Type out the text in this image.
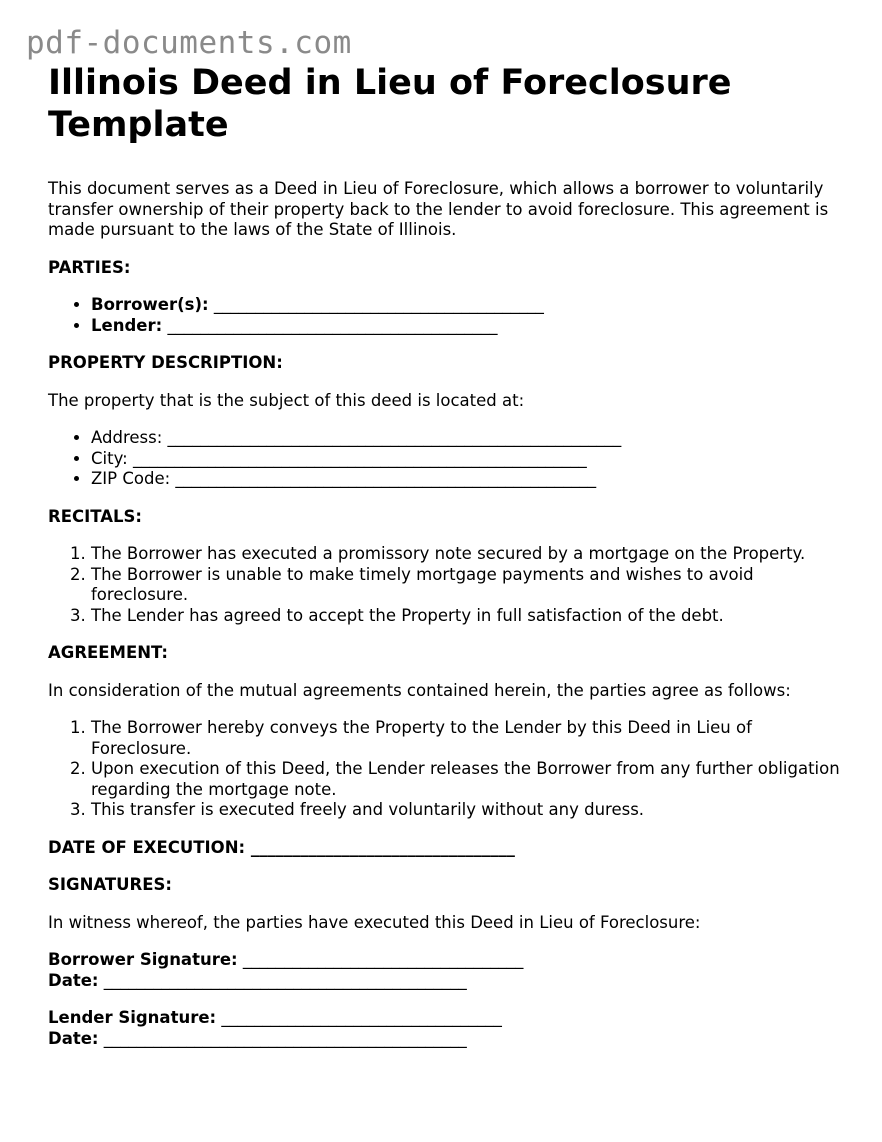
pdf-documents.com
Illinois Deed in Lieu of Foreclosure Template

This document serves as a Deed in Lieu of Foreclosure, which allows a borrower to voluntarily transfer ownership of their property back to the lender to avoid foreclosure. This agreement is made pursuant to the laws of the State of Illinois.

PARTIES:

• Borrower(s): ________________________________________
• Lender: ________________________________________

PROPERTY DESCRIPTION:

The property that is the subject of this deed is located at:

• Address: _______________________________________________________
• City: _______________________________________________________
• ZIP Code: ___________________________________________________

RECITALS:

1. The Borrower has executed a promissory note secured by a mortgage on the Property.
2. The Borrower is unable to make timely mortgage payments and wishes to avoid foreclosure.
3. The Lender has agreed to accept the Property in full satisfaction of the debt.

AGREEMENT:

In consideration of the mutual agreements contained herein, the parties agree as follows:

1. The Borrower hereby conveys the Property to the Lender by this Deed in Lieu of Foreclosure.
2. Upon execution of this Deed, the Lender releases the Borrower from any further obligation regarding the mortgage note.
3. This transfer is executed freely and voluntarily without any duress.

DATE OF EXECUTION: ________________________________

SIGNATURES:

In witness whereof, the parties have executed this Deed in Lieu of Foreclosure:

Borrower Signature: __________________________________
Date: ____________________________________________
Lender Signature: __________________________________
Date: ____________________________________________
